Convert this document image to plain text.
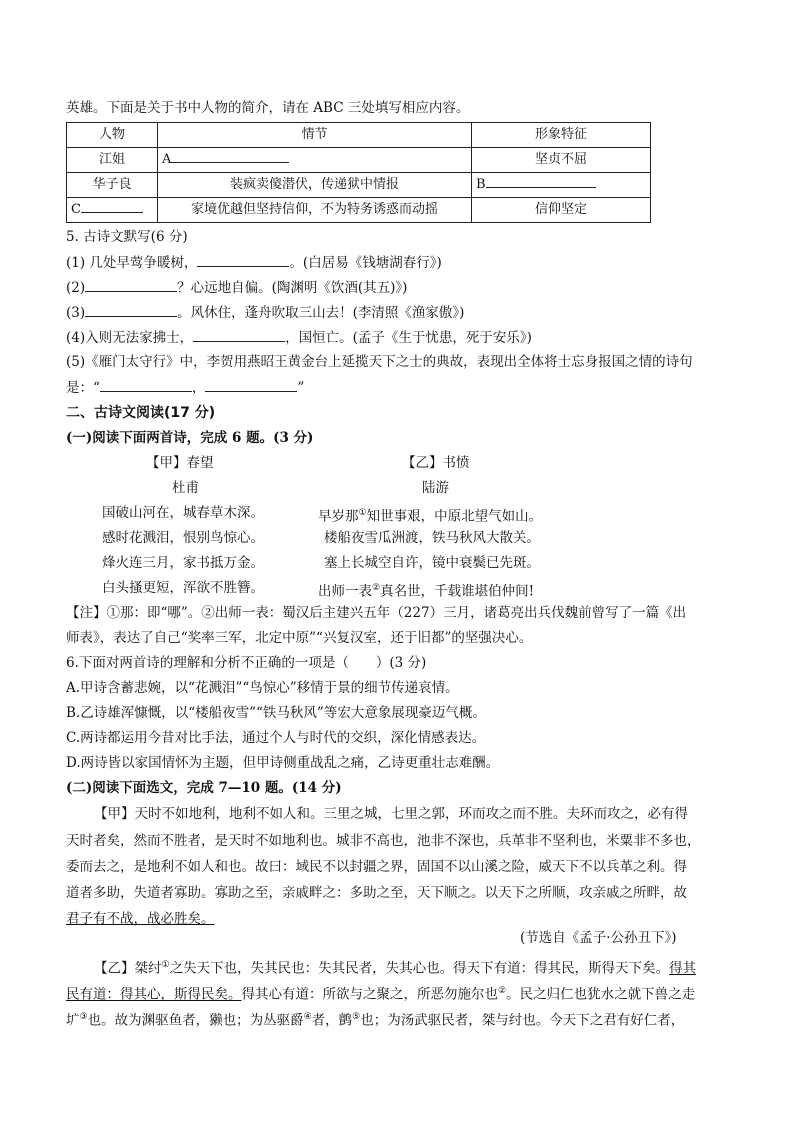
英雄。下面是关于书中人物的简介，请在 ABC 三处填写相应内容。
人物	情节	形象特征
江姐	A	坚贞不屈
华子良	装疯卖傻潜伏，传递狱中情报	B
C	家境优越但坚持信仰，不为特务诱惑而动摇	信仰坚定
5. 古诗文默写(6 分)
(1) 几处早莺争暖树，	。(白居易《钱塘湖春行》)
(2)	？心远地自偏。(陶渊明《饮酒(其五)》)
(3)	。风休住，蓬舟吹取三山去！(李清照《渔家傲》)
(4)入则无法家拂士，	，国恒亡。(孟子《生于忧患，死于安乐》)
(5)《雁门太守行》中，李贺用燕昭王黄金台上延揽天下之士的典故，表现出全体将士忘身报国之情的诗句
是：“	，	”
二、古诗文阅读(17 分)
(一)阅读下面两首诗，完成 6 题。(3 分)
【甲】春望
杜甫
国破山河在，城春草木深。
感时花溅泪，恨别鸟惊心。
烽火连三月，家书抵万金。
白头搔更短，浑欲不胜簪。
【乙】书愤
陆游
早岁那①知世事艰，中原北望气如山。
楼船夜雪瓜洲渡，铁马秋风大散关。
塞上长城空自许，镜中衰鬓已先斑。
出师一表②真名世，千载谁堪伯仲间!
【注】①那：即“哪”。②出师一表：蜀汉后主建兴五年（227）三月，诸葛亮出兵伐魏前曾写了一篇《出
师表》，表达了自己“奖率三军，北定中原”“兴复汉室，还于旧都”的坚强决心。
6.下面对两首诗的理解和分析不正确的一项是（　　）(3 分)
A.甲诗含蓄悲婉，以“花溅泪”“鸟惊心”移情于景的细节传递哀情。
B.乙诗雄浑慷慨，以“楼船夜雪”“铁马秋风”等宏大意象展现豪迈气概。
C.两诗都运用今昔对比手法，通过个人与时代的交织，深化情感表达。
D.两诗皆以家国情怀为主题，但甲诗侧重战乱之痛，乙诗更重壮志难酬。
(二)阅读下面选文，完成 7—10 题。(14 分)
【甲】天时不如地利，地利不如人和。三里之城，七里之郭，环而攻之而不胜。夫环而攻之，必有得
天时者矣，然而不胜者，是天时不如地利也。城非不高也，池非不深也，兵革非不坚利也，米粟非不多也，
委而去之，是地利不如人和也。故曰：域民不以封疆之界，固国不以山溪之险，威天下不以兵革之利。得
道者多助，失道者寡助。寡助之至，亲戚畔之：多助之至，天下顺之。以天下之所顺，攻亲戚之所畔，故
君子有不战，战必胜矣。
(节选自《孟子·公孙丑下》)
【乙】桀纣①之失天下也，失其民也：失其民者，失其心也。得天下有道：得其民，斯得天下矣。得其
民有道：得其心，斯得民矣。得其心有道：所欲与之聚之，所恶勿施尔也②。民之归仁也犹水之就下兽之走
圹③也。故为渊驱鱼者，獭也；为丛驱爵④者，鹯⑤也；为汤武驱民者，桀与纣也。今天下之君有好仁者，
